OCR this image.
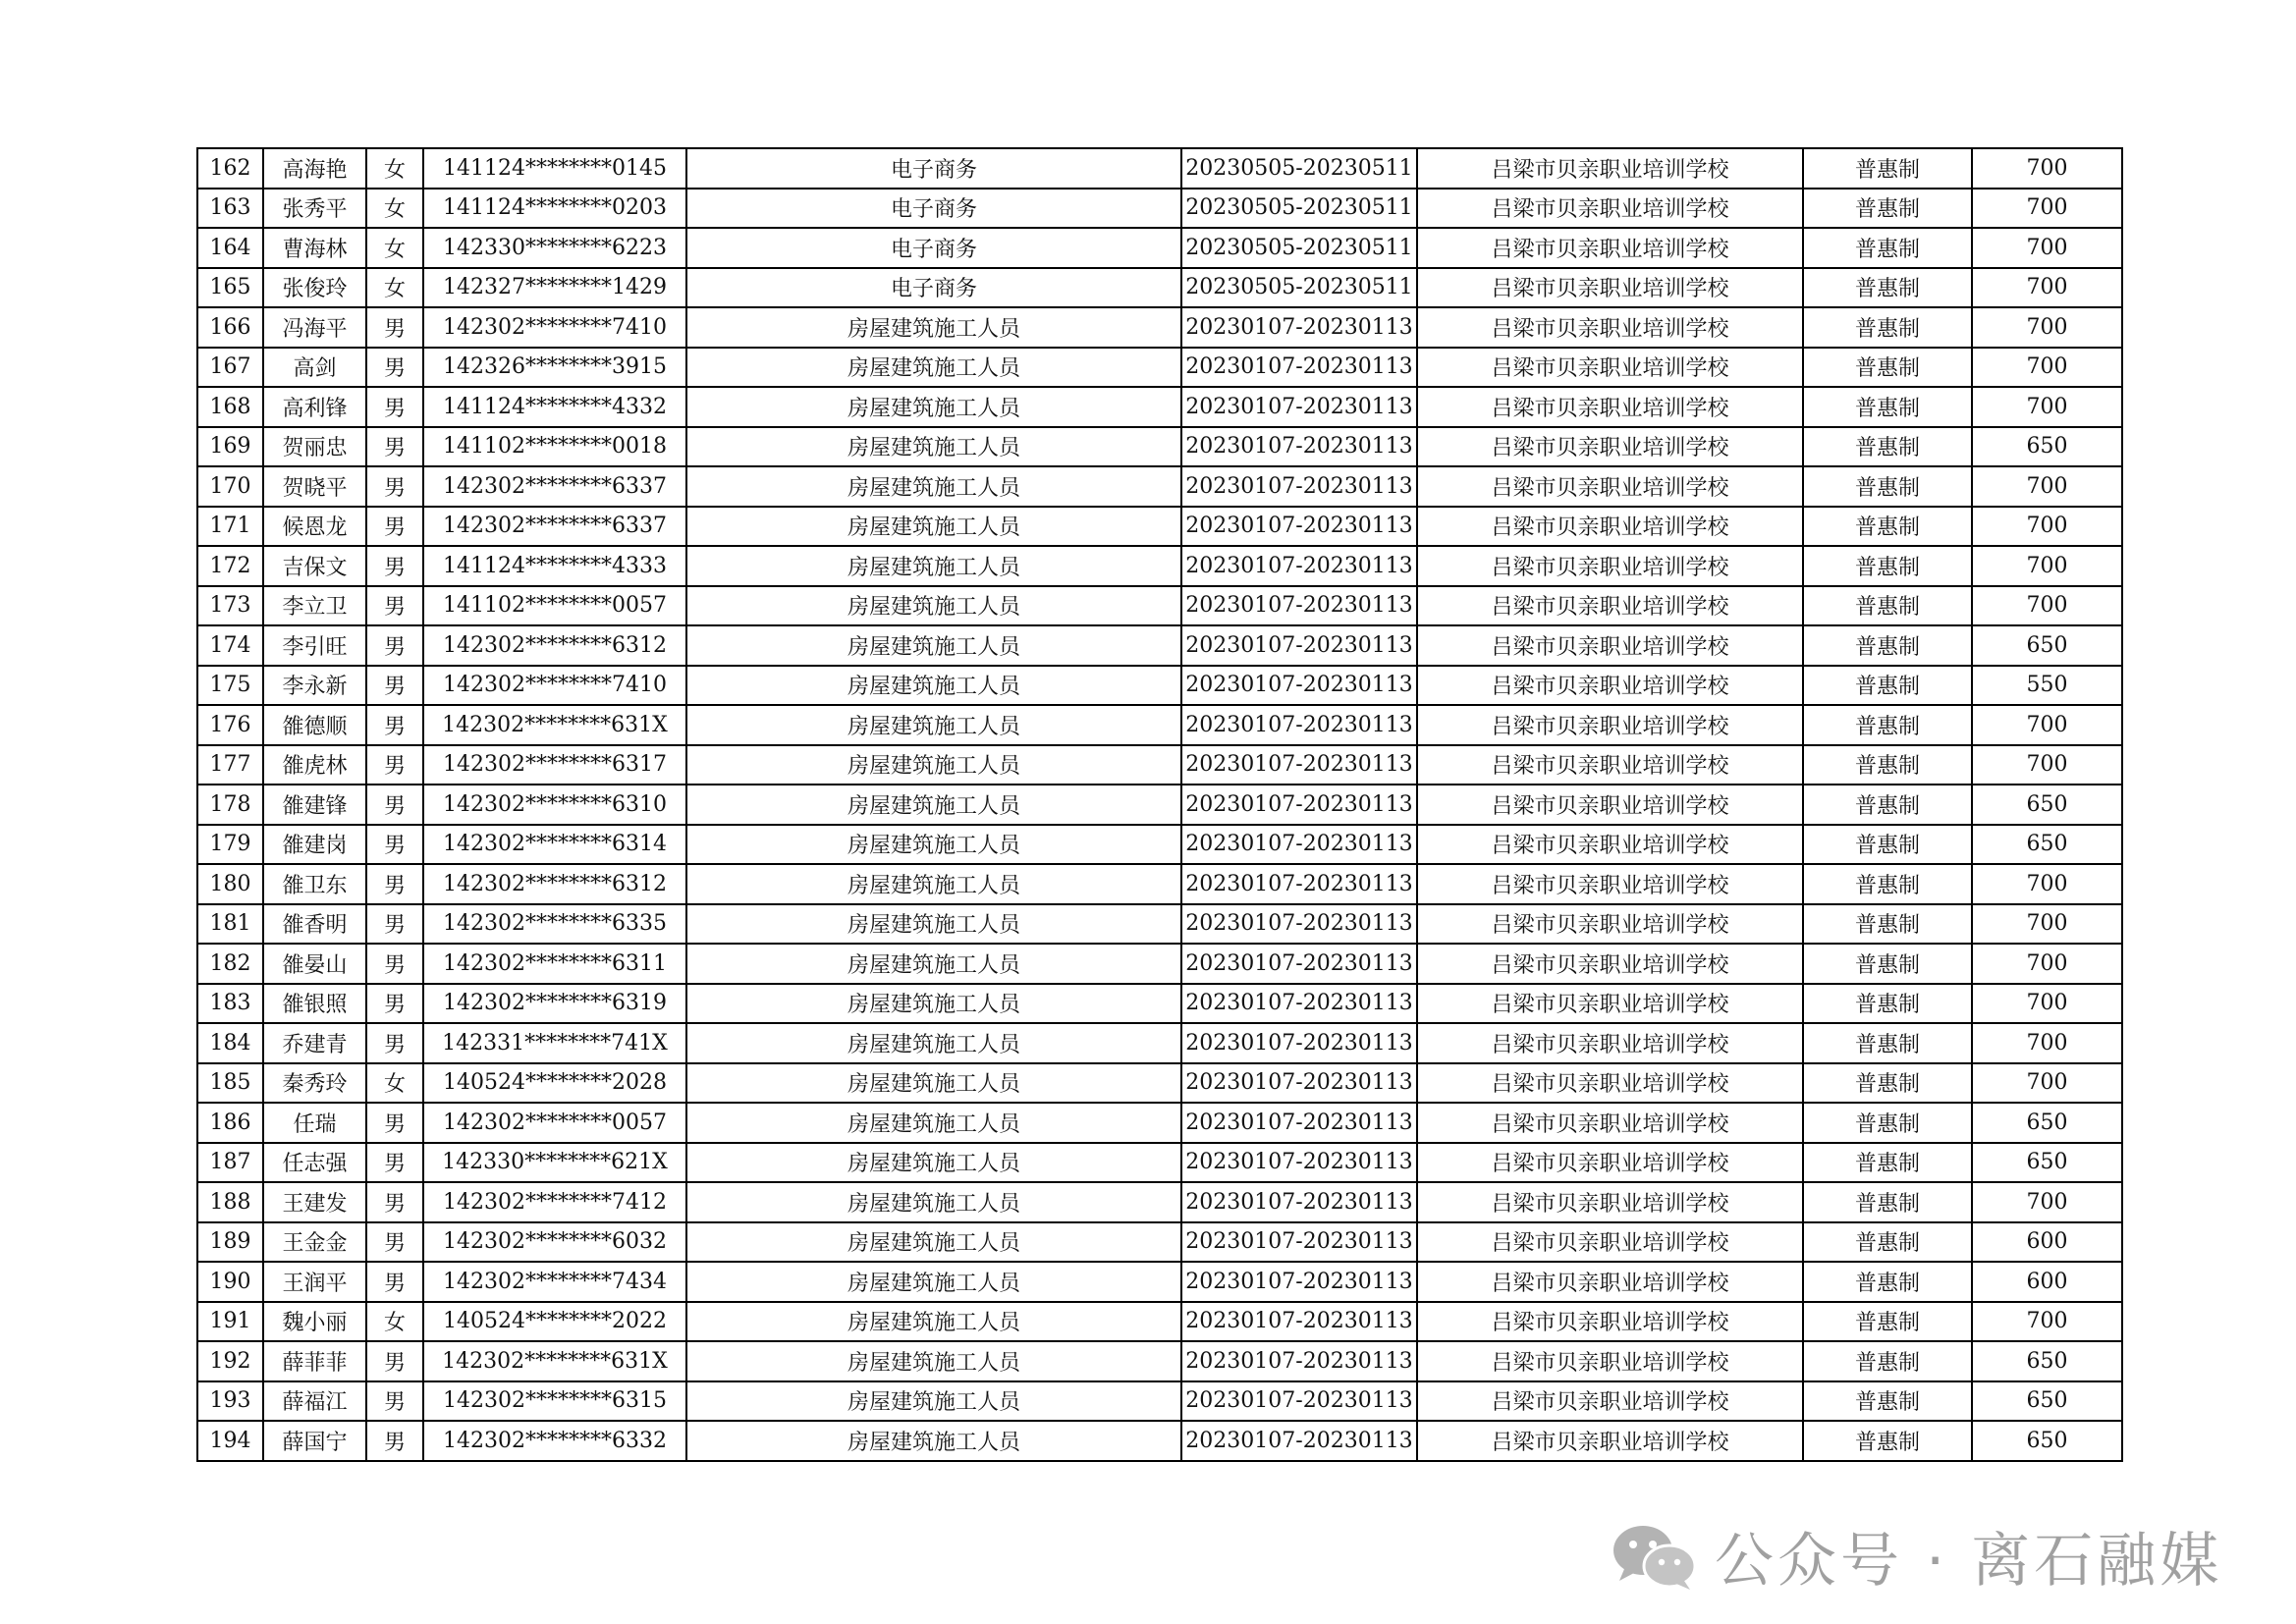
162	高海艳	女	141124********0145	电子商务	20230505-20230511	吕梁市贝亲职业培训学校	普惠制	700
163	张秀平	女	141124********0203	电子商务	20230505-20230511	吕梁市贝亲职业培训学校	普惠制	700
164	曹海林	女	142330********6223	电子商务	20230505-20230511	吕梁市贝亲职业培训学校	普惠制	700
165	张俊玲	女	142327********1429	电子商务	20230505-20230511	吕梁市贝亲职业培训学校	普惠制	700
166	冯海平	男	142302********7410	房屋建筑施工人员	20230107-20230113	吕梁市贝亲职业培训学校	普惠制	700
167	高剑	男	142326********3915	房屋建筑施工人员	20230107-20230113	吕梁市贝亲职业培训学校	普惠制	700
168	高利锋	男	141124********4332	房屋建筑施工人员	20230107-20230113	吕梁市贝亲职业培训学校	普惠制	700
169	贺丽忠	男	141102********0018	房屋建筑施工人员	20230107-20230113	吕梁市贝亲职业培训学校	普惠制	650
170	贺晓平	男	142302********6337	房屋建筑施工人员	20230107-20230113	吕梁市贝亲职业培训学校	普惠制	700
171	候恩龙	男	142302********6337	房屋建筑施工人员	20230107-20230113	吕梁市贝亲职业培训学校	普惠制	700
172	吉保文	男	141124********4333	房屋建筑施工人员	20230107-20230113	吕梁市贝亲职业培训学校	普惠制	700
173	李立卫	男	141102********0057	房屋建筑施工人员	20230107-20230113	吕梁市贝亲职业培训学校	普惠制	700
174	李引旺	男	142302********6312	房屋建筑施工人员	20230107-20230113	吕梁市贝亲职业培训学校	普惠制	650
175	李永新	男	142302********7410	房屋建筑施工人员	20230107-20230113	吕梁市贝亲职业培训学校	普惠制	550
176	雒德顺	男	142302********631X	房屋建筑施工人员	20230107-20230113	吕梁市贝亲职业培训学校	普惠制	700
177	雒虎林	男	142302********6317	房屋建筑施工人员	20230107-20230113	吕梁市贝亲职业培训学校	普惠制	700
178	雒建锋	男	142302********6310	房屋建筑施工人员	20230107-20230113	吕梁市贝亲职业培训学校	普惠制	650
179	雒建岗	男	142302********6314	房屋建筑施工人员	20230107-20230113	吕梁市贝亲职业培训学校	普惠制	650
180	雒卫东	男	142302********6312	房屋建筑施工人员	20230107-20230113	吕梁市贝亲职业培训学校	普惠制	700
181	雒香明	男	142302********6335	房屋建筑施工人员	20230107-20230113	吕梁市贝亲职业培训学校	普惠制	700
182	雒晏山	男	142302********6311	房屋建筑施工人员	20230107-20230113	吕梁市贝亲职业培训学校	普惠制	700
183	雒银照	男	142302********6319	房屋建筑施工人员	20230107-20230113	吕梁市贝亲职业培训学校	普惠制	700
184	乔建青	男	142331********741X	房屋建筑施工人员	20230107-20230113	吕梁市贝亲职业培训学校	普惠制	700
185	秦秀玲	女	140524********2028	房屋建筑施工人员	20230107-20230113	吕梁市贝亲职业培训学校	普惠制	700
186	任瑞	男	142302********0057	房屋建筑施工人员	20230107-20230113	吕梁市贝亲职业培训学校	普惠制	650
187	任志强	男	142330********621X	房屋建筑施工人员	20230107-20230113	吕梁市贝亲职业培训学校	普惠制	650
188	王建发	男	142302********7412	房屋建筑施工人员	20230107-20230113	吕梁市贝亲职业培训学校	普惠制	700
189	王金金	男	142302********6032	房屋建筑施工人员	20230107-20230113	吕梁市贝亲职业培训学校	普惠制	600
190	王润平	男	142302********7434	房屋建筑施工人员	20230107-20230113	吕梁市贝亲职业培训学校	普惠制	600
191	魏小丽	女	140524********2022	房屋建筑施工人员	20230107-20230113	吕梁市贝亲职业培训学校	普惠制	700
192	薛菲菲	男	142302********631X	房屋建筑施工人员	20230107-20230113	吕梁市贝亲职业培训学校	普惠制	650
193	薛福江	男	142302********6315	房屋建筑施工人员	20230107-20230113	吕梁市贝亲职业培训学校	普惠制	650
194	薛国宁	男	142302********6332	房屋建筑施工人员	20230107-20230113	吕梁市贝亲职业培训学校	普惠制	650
公众号 · 离石融媒
